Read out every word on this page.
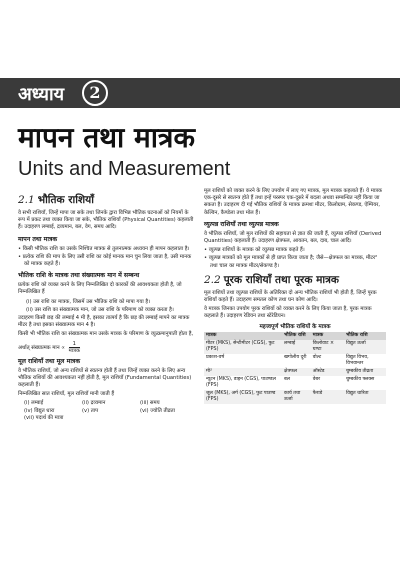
अध्याय	2
मापन तथा मात्रक
Units and Measurement
2.1 भौतिक राशियाँ

वे सभी राशियाँ, जिन्हें मापा जा सके तथा जिनके द्वारा विभिन्न भौतिक घटनाओं को नियमों के रूप में प्रकट तथा व्यक्त किया जा सके, भौतिक राशियाँ (Physical Quantities) कहलाती हैं। उदाहरण लम्बाई, द्रव्यमान, बल, वेग, समय आदि।

मापन तथा मात्रक

• किसी भौतिक राशि का उसके निश्चित मात्रक से तुलनात्मक अध्ययन ही मापन कहलाता है।

• प्रत्येक राशि की माप के लिए उसी राशि का कोई मानक मान चुन लिया जाता है, उसी मानक को मात्रक कहते हैं।

भौतिक राशि के मात्रक तथा संख्यात्मक मान में सम्बन्ध

प्रत्येक राशि को व्यक्त करने के लिए निम्नलिखित दो कारकों की आवश्यकता होती है, जो निम्नलिखित हैं

(i) उस राशि का मात्रक, जिसमें उस भौतिक राशि को मापा गया है।

(ii) उस राशि का संख्यात्मक मान, जो उस राशि के परिमाण को व्यक्त करता है।

उदाहरण किसी छड़ की लम्बाई 4 मी है, इसका तात्पर्य है कि छड़ की लम्बाई मापने का मात्रक मीटर है तथा इसका संख्यात्मक मान 4 है।

किसी भी भौतिक राशि का संख्यात्मक मान उसके मात्रक के परिमाण के व्युत्क्रमानुपाती होता है,

अर्थात् संख्यात्मक मान ∝ $\frac{1}{\text{मात्रक}}$

मूल राशियाँ तथा मूल मात्रक

वे भौतिक राशियाँ, जो अन्य राशियों से स्वतन्त्र होती हैं तथा जिन्हें व्यक्त करने के लिए अन्य भौतिक राशियों की आवश्यकता नहीं होती है, मूल राशियाँ (Fundamental Quantities) कहलाती हैं।

निम्नलिखित सात राशियाँ, मूल राशियाँ मानी जाती हैं

(i) लम्बाई	(ii) द्रव्यमान	(iii) समय
(iv) विद्युत धारा	(v) ताप	(vi) ज्योति तीव्रता
(vii) पदार्थ की मात्रा

मूल राशियों को व्यक्त करने के लिए उपयोग में लाए गए मात्रक, मूल मात्रक कहलाते हैं। ये मात्रक एक-दूसरे से स्वतन्त्र होते हैं तथा इन्हें परस्पर एक-दूसरे में बदला अथवा सम्बन्धित नहीं किया जा सकता है। उदाहरण दी गई भौतिक राशियों के मात्रक क्रमशः मीटर, किलोग्राम, सेकण्ड, ऐम्पियर, केल्विन, कैण्डेला तथा मोल हैं।

व्युत्पन्न राशियाँ तथा व्युत्पन्न मात्रक

वे भौतिक राशियाँ, जो मूल राशियों की सहायता से ज्ञात की जाती हैं, व्युत्पन्न राशियाँ (Derived Quantities) कहलाती हैं। उदाहरण क्षेत्रफल, आयतन, बल, दाब, चाल आदि।

• व्युत्पन्न राशियों के मात्रक को व्युत्पन्न मात्रक कहते हैं।

• व्युत्पन्न मात्रकों को मूल मात्रकों से ही प्राप्त किया जाता है; जैसे—क्षेत्रफल का मात्रक, मीटर² तथा चाल का मात्रक मीटर/सेकण्ड है।

2.2 पूरक राशियाँ तथा पूरक मात्रक

मूल राशियों तथा व्युत्पन्न राशियों के अतिरिक्त दो अन्य भौतिक राशियाँ भी होती हैं, जिन्हें पूरक राशियाँ कहते हैं। उदाहरण समतल कोण तथा घन कोण आदि।

वे मात्रक जिनका उपयोग पूरक राशियों को व्यक्त करने के लिए किया जाता है, पूरक मात्रक कहलाते हैं। उदाहरण रेडियन तथा स्टेरेडियन।

महत्त्वपूर्ण भौतिक राशियों के मात्रक
मात्रक	भौतिक राशि	मात्रक	भौतिक राशि
मीटर (MKS), सेन्टीमीटर (CGS), फुट (FPS)	लम्बाई	किलोवाट × घण्टा	विद्युत ऊर्जा
प्रकाश-वर्ष	खगोलीय दूरी	वोल्ट	विद्युत विभव, विभवान्तर
मी²	क्षेत्रफल	ऑस्टेड	चुम्बकीय तीव्रता
न्यूटन (MKS), डाइन (CGS), पाउण्डल (FPS)	बल	वेबर	चुम्बकीय फ्लक्स
जूल (MKS), अर्ग (CGS), फुट पाउण्ड (FPS)	कार्य तथा ऊर्जा	फैराडे	विद्युत धारिता
